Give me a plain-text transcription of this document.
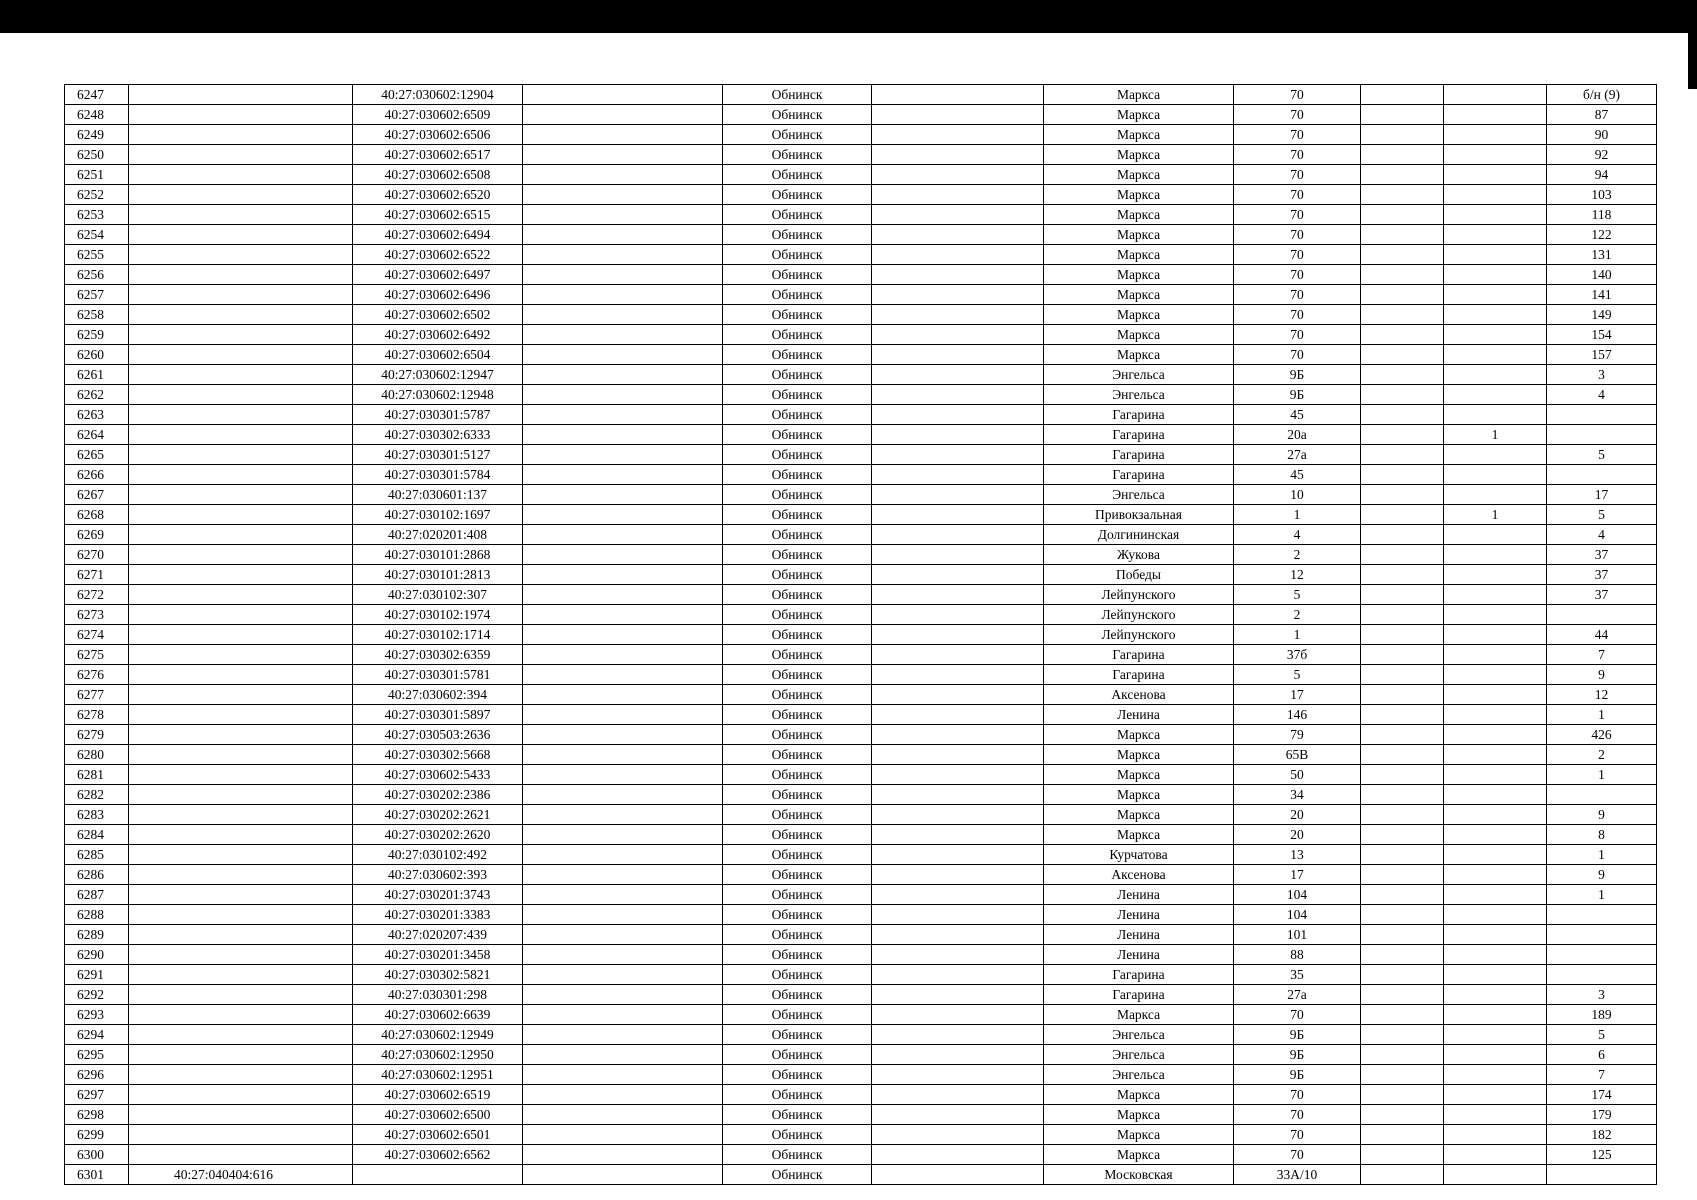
6247		40:27:030602:12904		Обнинск		Маркса	70			б/н (9)
6248		40:27:030602:6509		Обнинск		Маркса	70			87
6249		40:27:030602:6506		Обнинск		Маркса	70			90
6250		40:27:030602:6517		Обнинск		Маркса	70			92
6251		40:27:030602:6508		Обнинск		Маркса	70			94
6252		40:27:030602:6520		Обнинск		Маркса	70			103
6253		40:27:030602:6515		Обнинск		Маркса	70			118
6254		40:27:030602:6494		Обнинск		Маркса	70			122
6255		40:27:030602:6522		Обнинск		Маркса	70			131
6256		40:27:030602:6497		Обнинск		Маркса	70			140
6257		40:27:030602:6496		Обнинск		Маркса	70			141
6258		40:27:030602:6502		Обнинск		Маркса	70			149
6259		40:27:030602:6492		Обнинск		Маркса	70			154
6260		40:27:030602:6504		Обнинск		Маркса	70			157
6261		40:27:030602:12947		Обнинск		Энгельса	9Б			3
6262		40:27:030602:12948		Обнинск		Энгельса	9Б			4
6263		40:27:030301:5787		Обнинск		Гагарина	45			
6264		40:27:030302:6333		Обнинск		Гагарина	20а		1	
6265		40:27:030301:5127		Обнинск		Гагарина	27а			5
6266		40:27:030301:5784		Обнинск		Гагарина	45			
6267		40:27:030601:137		Обнинск		Энгельса	10			17
6268		40:27:030102:1697		Обнинск		Привокзальная	1		1	5
6269		40:27:020201:408		Обнинск		Долгининская	4			4
6270		40:27:030101:2868		Обнинск		Жукова	2			37
6271		40:27:030101:2813		Обнинск		Победы	12			37
6272		40:27:030102:307		Обнинск		Лейпунского	5			37
6273		40:27:030102:1974		Обнинск		Лейпунского	2			
6274		40:27:030102:1714		Обнинск		Лейпунского	1			44
6275		40:27:030302:6359		Обнинск		Гагарина	37б			7
6276		40:27:030301:5781		Обнинск		Гагарина	5			9
6277		40:27:030602:394		Обнинск		Аксенова	17			12
6278		40:27:030301:5897		Обнинск		Ленина	146			1
6279		40:27:030503:2636		Обнинск		Маркса	79			426
6280		40:27:030302:5668		Обнинск		Маркса	65В			2
6281		40:27:030602:5433		Обнинск		Маркса	50			1
6282		40:27:030202:2386		Обнинск		Маркса	34			
6283		40:27:030202:2621		Обнинск		Маркса	20			9
6284		40:27:030202:2620		Обнинск		Маркса	20			8
6285		40:27:030102:492		Обнинск		Курчатова	13			1
6286		40:27:030602:393		Обнинск		Аксенова	17			9
6287		40:27:030201:3743		Обнинск		Ленина	104			1
6288		40:27:030201:3383		Обнинск		Ленина	104			
6289		40:27:020207:439		Обнинск		Ленина	101			
6290		40:27:030201:3458		Обнинск		Ленина	88			
6291		40:27:030302:5821		Обнинск		Гагарина	35			
6292		40:27:030301:298		Обнинск		Гагарина	27а			3
6293		40:27:030602:6639		Обнинск		Маркса	70			189
6294		40:27:030602:12949		Обнинск		Энгельса	9Б			5
6295		40:27:030602:12950		Обнинск		Энгельса	9Б			6
6296		40:27:030602:12951		Обнинск		Энгельса	9Б			7
6297		40:27:030602:6519		Обнинск		Маркса	70			174
6298		40:27:030602:6500		Обнинск		Маркса	70			179
6299		40:27:030602:6501		Обнинск		Маркса	70			182
6300		40:27:030602:6562		Обнинск		Маркса	70			125
6301	40:27:040404:616			Обнинск		Московская	33А/10			
